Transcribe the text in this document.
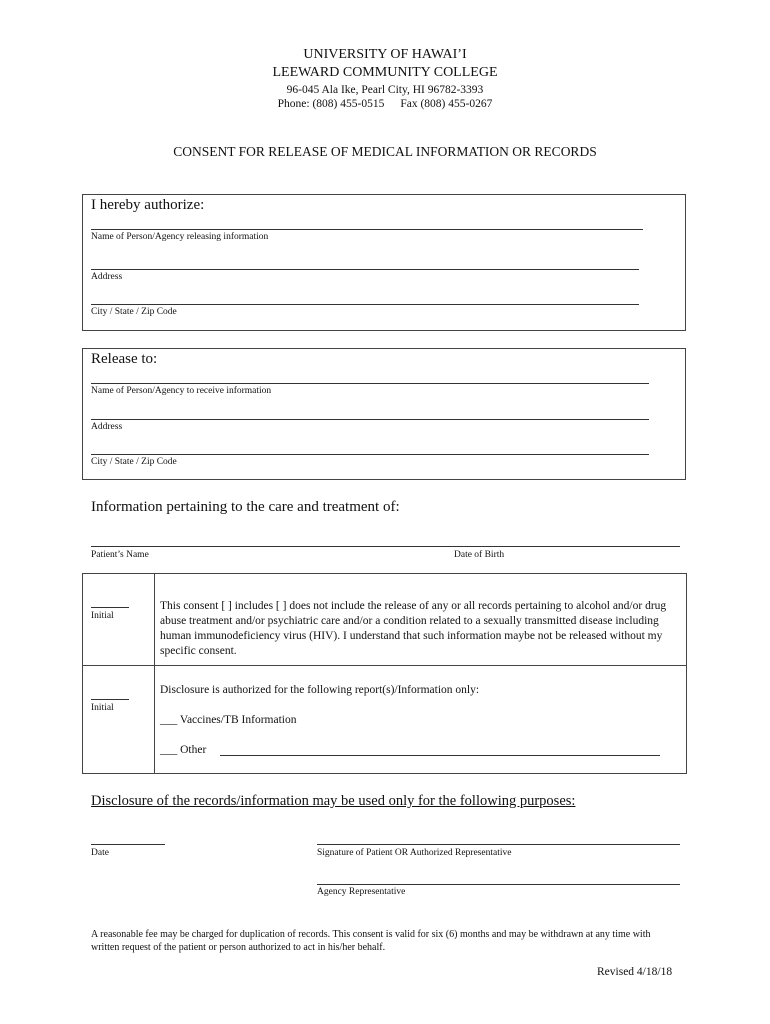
UNIVERSITY OF HAWAI’I
LEEWARD COMMUNITY COLLEGE
96-045 Ala Ike, Pearl City, HI 96782-3393
Phone: (808) 455-0515 Fax (808) 455-0267
CONSENT FOR RELEASE OF MEDICAL INFORMATION OR RECORDS
I hereby authorize:
Name of Person/Agency releasing information
Address
City / State / Zip Code
Release to:
Name of Person/Agency to receive information
Address
City / State / Zip Code
Information pertaining to the care and treatment of:
Patient’s Name	Date of Birth
Initial
This consent [ ] includes [ ] does not include the release of any or all records pertaining to alcohol and/or drug abuse treatment and/or psychiatric care and/or a condition related to a sexually transmitted disease including human immunodeficiency virus (HIV). I understand that such information maybe not be released without my specific consent.
Initial
Disclosure is authorized for the following report(s)/Information only:
___ Vaccines/TB Information
___ Other
Disclosure of the records/information may be used only for the following purposes:
Date	Signature of Patient OR Authorized Representative
Agency Representative
A reasonable fee may be charged for duplication of records. This consent is valid for six (6) months and may be withdrawn at any time with written request of the patient or person authorized to act in his/her behalf.
Revised 4/18/18
